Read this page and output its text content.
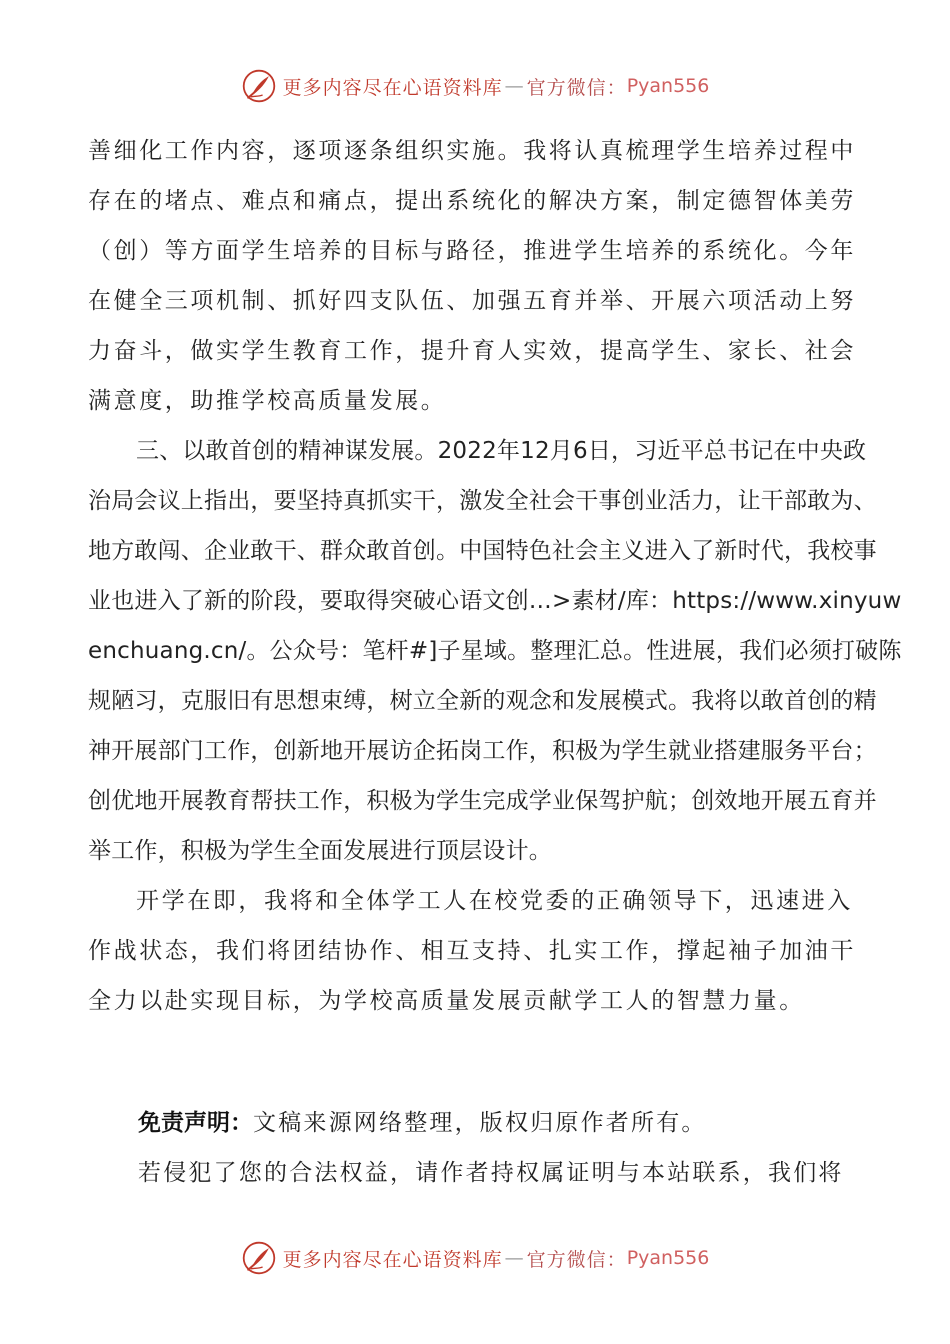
更多内容尽在心语资料库 — 官方微信： Pyan556
善细化工作内容，逐项逐条组织实施。我将认真梳理学生培养过程中
存在的堵点、难点和痛点，提出系统化的解决方案，制定德智体美劳
（创）等方面学生培养的目标与路径，推进学生培养的系统化。今年
在健全三项机制、抓好四支队伍、加强五育并举、开展六项活动上努
力奋斗，做实学生教育工作，提升育人实效，提高学生、家长、社会
满意度，助推学校高质量发展。
三、以敢首创的精神谋发展。2022年12月6日，习近平总书记在中央政
治局会议上指出，要坚持真抓实干，激发全社会干事创业活力，让干部敢为、
地方敢闯、企业敢干、群众敢首创。中国特色社会主义进入了新时代，我校事
业也进入了新的阶段，要取得突破心语文创…>素材/库：https://www.xinyuw
enchuang.cn/。公众号：笔杆#]子星域。整理汇总。性进展，我们必须打破陈
规陋习，克服旧有思想束缚，树立全新的观念和发展模式。我将以敢首创的精
神开展部门工作，创新地开展访企拓岗工作，积极为学生就业搭建服务平台；
创优地开展教育帮扶工作，积极为学生完成学业保驾护航；创效地开展五育并
举工作，积极为学生全面发展进行顶层设计。
开学在即，我将和全体学工人在校党委的正确领导下，迅速进入
作战状态，我们将团结协作、相互支持、扎实工作，撑起袖子加油干
全力以赴实现目标，为学校高质量发展贡献学工人的智慧力量。
免责声明：文稿来源网络整理，版权归原作者所有。
若侵犯了您的合法权益，请作者持权属证明与本站联系，我们将
更多内容尽在心语资料库 — 官方微信： Pyan556
